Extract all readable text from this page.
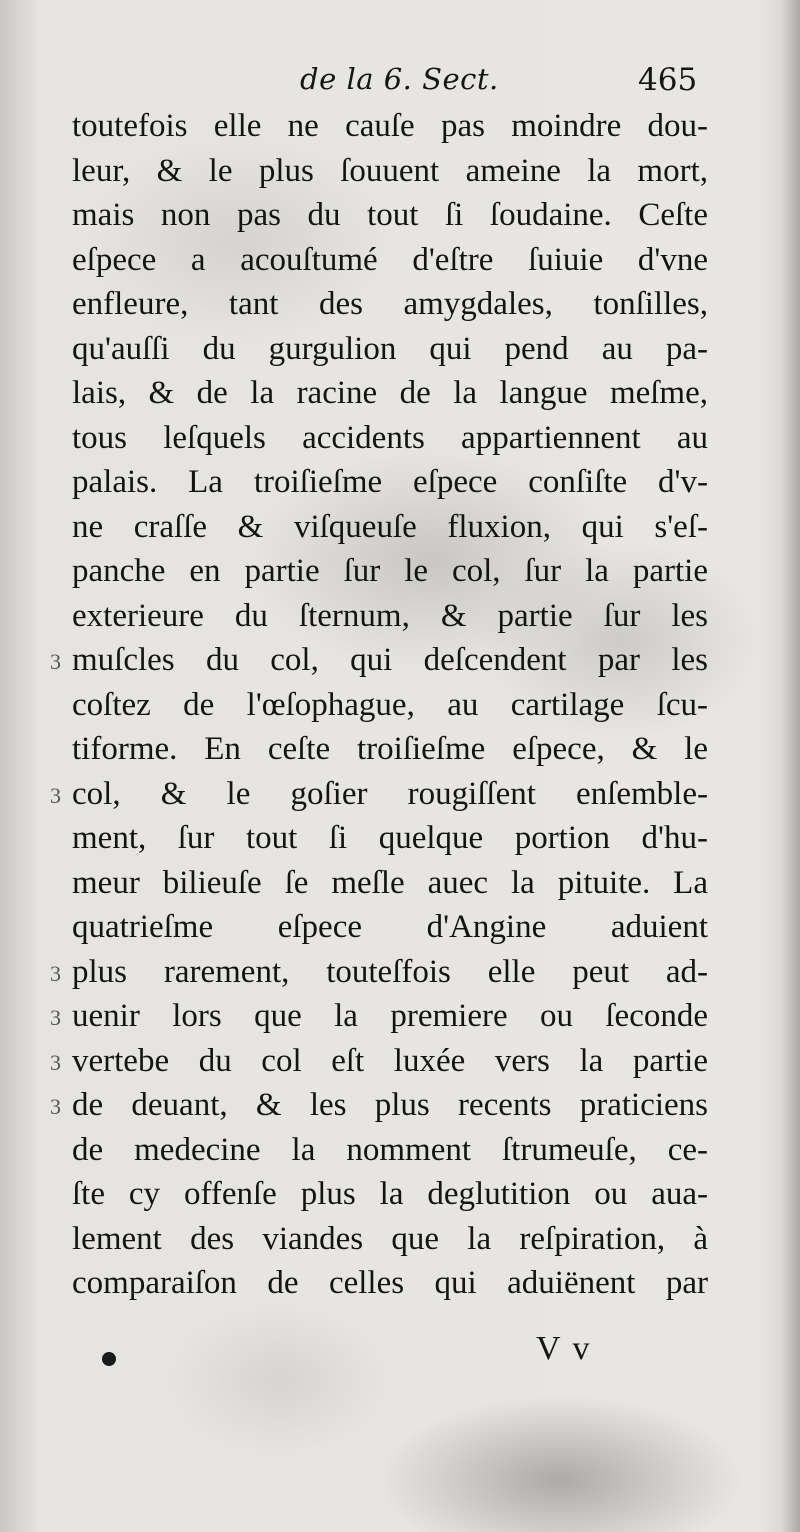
de la 6. Sect.	465
toutefois elle ne cauſe pas moindre dou-
leur, & le plus ſouuent ameine la mort,
mais non pas du tout ſi ſoudaine. Ceſte
eſpece a acouſtumé d'eſtre ſuiuie d'vne
enfleure, tant des amygdales, tonſilles,
qu'auſſi du gurgulion qui pend au pa-
lais, & de la racine de la langue meſme,
tous leſquels accidents appartiennent au
palais. La troiſieſme eſpece conſiſte d'v-
ne craſſe & viſqueuſe fluxion, qui s'eſ-
panche en partie ſur le col, ſur la partie
exterieure du ſternum, & partie ſur les
muſcles du col, qui deſcendent par les
coſtez de l'œſophague, au cartilage ſcu-
tiforme. En ceſte troiſieſme eſpece, & le
col, & le goſier rougiſſent enſemble-
ment, ſur tout ſi quelque portion d'hu-
meur bilieuſe ſe meſle auec la pituite. La
quatrieſme eſpece d'Angine aduient
plus rarement, touteſfois elle peut ad-
uenir lors que la premiere ou ſeconde
vertebe du col eſt luxée vers la partie
de deuant, & les plus recents praticiens
de medecine la nomment ſtrumeuſe, ce-
ſte cy offenſe plus la deglutition ou aua-
lement des viandes que la reſpiration, à
comparaiſon de celles qui aduiënent par
3
3
3
3
3
3
V v
